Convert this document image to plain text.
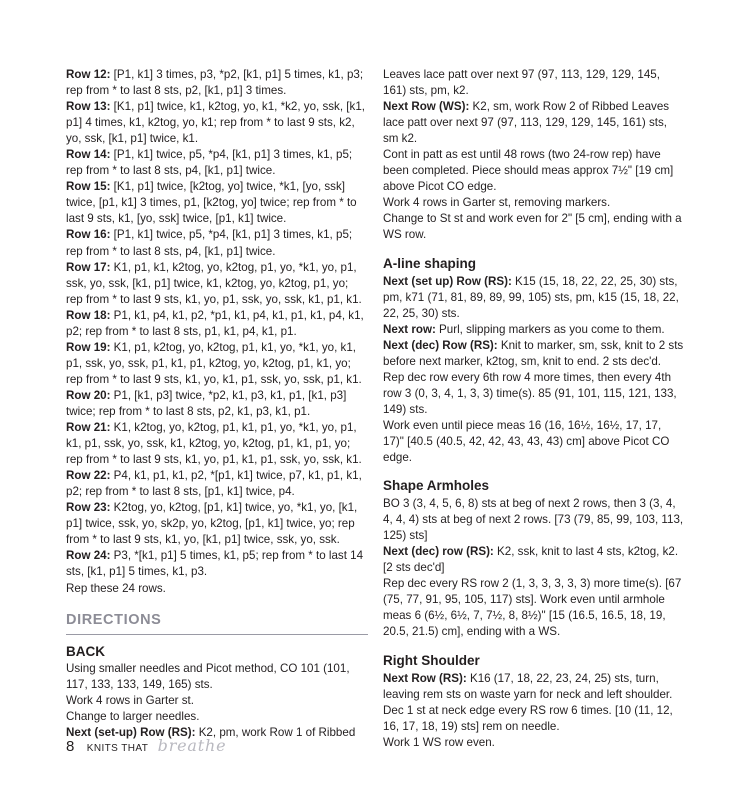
Row 12: [P1, k1] 3 times, p3, *p2, [k1, p1] 5 times, k1, p3; rep from * to last 8 sts, p2, [k1, p1] 3 times.

Row 13: [K1, p1] twice, k1, k2tog, yo, k1, *k2, yo, ssk, [k1, p1] 4 times, k1, k2tog, yo, k1; rep from * to last 9 sts, k2, yo, ssk, [k1, p1] twice, k1.

Row 14: [P1, k1] twice, p5, *p4, [k1, p1] 3 times, k1, p5; rep from * to last 8 sts, p4, [k1, p1] twice.

Row 15: [K1, p1] twice, [k2tog, yo] twice, *k1, [yo, ssk] twice, [p1, k1] 3 times, p1, [k2tog, yo] twice; rep from * to last 9 sts, k1, [yo, ssk] twice, [p1, k1] twice.

Row 16: [P1, k1] twice, p5, *p4, [k1, p1] 3 times, k1, p5; rep from * to last 8 sts, p4, [k1, p1] twice.

Row 17: K1, p1, k1, k2tog, yo, k2tog, p1, yo, *k1, yo, p1, ssk, yo, ssk, [k1, p1] twice, k1, k2tog, yo, k2tog, p1, yo; rep from * to last 9 sts, k1, yo, p1, ssk, yo, ssk, k1, p1, k1.

Row 18: P1, k1, p4, k1, p2, *p1, k1, p4, k1, p1, k1, p4, k1, p2; rep from * to last 8 sts, p1, k1, p4, k1, p1.

Row 19: K1, p1, k2tog, yo, k2tog, p1, k1, yo, *k1, yo, k1, p1, ssk, yo, ssk, p1, k1, p1, k2tog, yo, k2tog, p1, k1, yo; rep from * to last 9 sts, k1, yo, k1, p1, ssk, yo, ssk, p1, k1.

Row 20: P1, [k1, p3] twice, *p2, k1, p3, k1, p1, [k1, p3] twice; rep from * to last 8 sts, p2, k1, p3, k1, p1.

Row 21: K1, k2tog, yo, k2tog, p1, k1, p1, yo, *k1, yo, p1, k1, p1, ssk, yo, ssk, k1, k2tog, yo, k2tog, p1, k1, p1, yo; rep from * to last 9 sts, k1, yo, p1, k1, p1, ssk, yo, ssk, k1.

Row 22: P4, k1, p1, k1, p2, *[p1, k1] twice, p7, k1, p1, k1, p2; rep from * to last 8 sts, [p1, k1] twice, p4.

Row 23: K2tog, yo, k2tog, [p1, k1] twice, yo, *k1, yo, [k1, p1] twice, ssk, yo, sk2p, yo, k2tog, [p1, k1] twice, yo; rep from * to last 9 sts, k1, yo, [k1, p1] twice, ssk, yo, ssk.

Row 24: P3, *[k1, p1] 5 times, k1, p5; rep from * to last 14 sts, [k1, p1] 5 times, k1, p3.

Rep these 24 rows.

DIRECTIONS
BACK

Using smaller needles and Picot method, CO 101 (101, 117, 133, 133, 149, 165) sts.

Work 4 rows in Garter st.

Change to larger needles.

Next (set-up) Row (RS): K2, pm, work Row 1 of Ribbed

Leaves lace patt over next 97 (97, 113, 129, 129, 145, 161) sts, pm, k2.

Next Row (WS): K2, sm, work Row 2 of Ribbed Leaves lace patt over next 97 (97, 113, 129, 129, 145, 161) sts, sm k2.

Cont in patt as est until 48 rows (two 24-row rep) have been completed. Piece should meas approx 7½" [19 cm] above Picot CO edge.

Work 4 rows in Garter st, removing markers.

Change to St st and work even for 2" [5 cm], ending with a WS row.

A-line shaping

Next (set up) Row (RS): K15 (15, 18, 22, 22, 25, 30) sts, pm, k71 (71, 81, 89, 89, 99, 105) sts, pm, k15 (15, 18, 22, 22, 25, 30) sts.

Next row: Purl, slipping markers as you come to them.

Next (dec) Row (RS): Knit to marker, sm, ssk, knit to 2 sts before next marker, k2tog, sm, knit to end. 2 sts dec'd.

Rep dec row every 6th row 4 more times, then every 4th row 3 (0, 3, 4, 1, 3, 3) time(s). 85 (91, 101, 115, 121, 133, 149) sts.

Work even until piece meas 16 (16, 16½, 16½, 17, 17, 17)" [40.5 (40.5, 42, 42, 43, 43, 43) cm] above Picot CO edge.

Shape Armholes

BO 3 (3, 4, 5, 6, 8) sts at beg of next 2 rows, then 3 (3, 4, 4, 4, 4) sts at beg of next 2 rows. [73 (79, 85, 99, 103, 113, 125) sts]

Next (dec) row (RS): K2, ssk, knit to last 4 sts, k2tog, k2. [2 sts dec'd]

Rep dec every RS row 2 (1, 3, 3, 3, 3, 3) more time(s). [67 (75, 77, 91, 95, 105, 117) sts]. Work even until armhole meas 6 (6½, 6½, 7, 7½, 8, 8½)" [15 (16.5, 16.5, 18, 19, 20.5, 21.5) cm], ending with a WS.

Right Shoulder

Next Row (RS): K16 (17, 18, 22, 23, 24, 25) sts, turn, leaving rem sts on waste yarn for neck and left shoulder.

Dec 1 st at neck edge every RS row 6 times. [10 (11, 12, 16, 17, 18, 19) sts] rem on needle.

Work 1 WS row even.

8 KNITS THAT breathe
